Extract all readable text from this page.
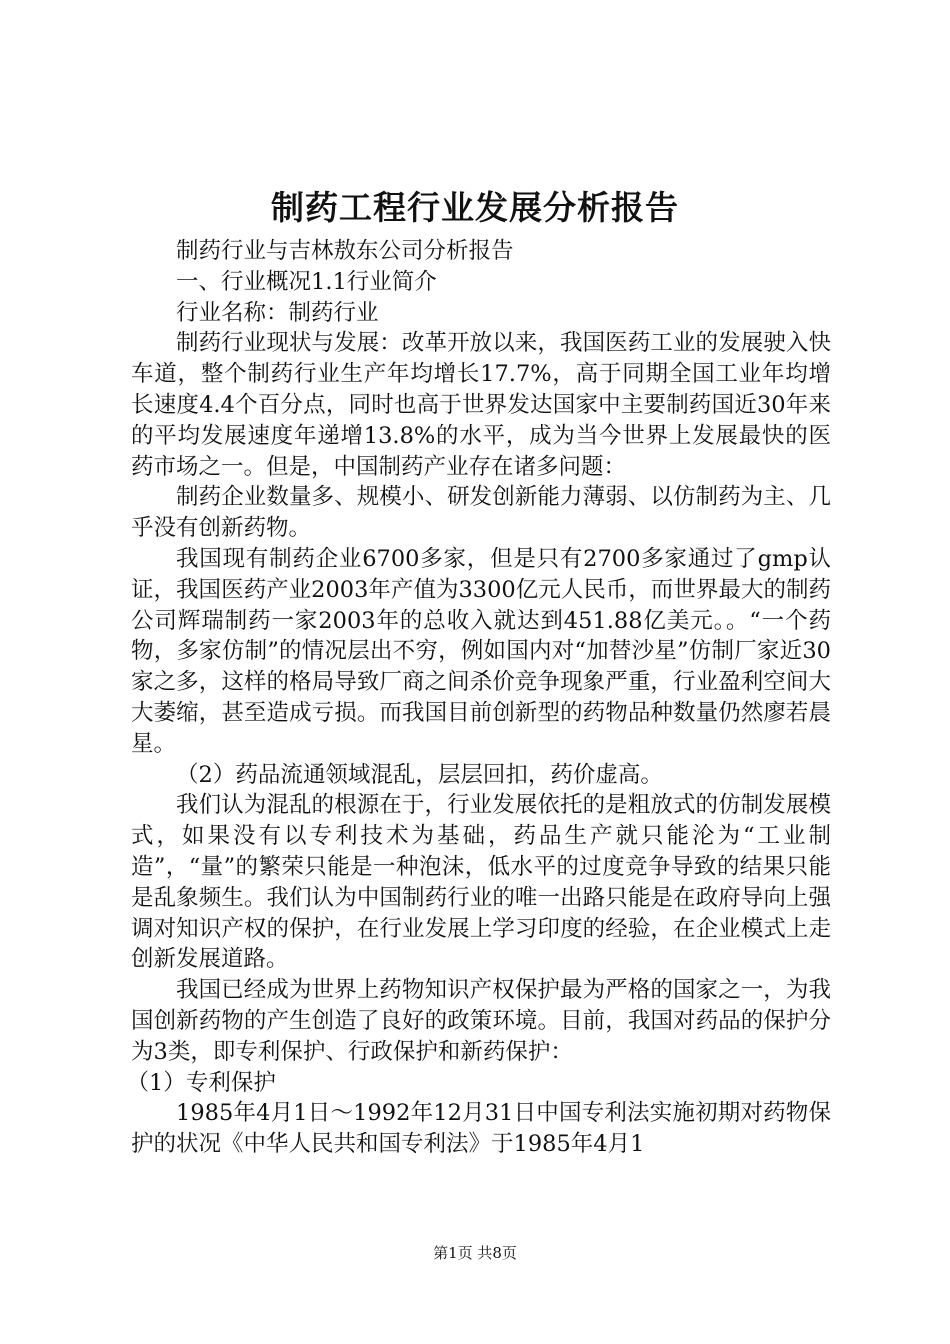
制药工程行业发展分析报告

制药行业与吉林敖东公司分析报告

一、行业概况1.1行业简介

行业名称：制药行业

制药行业现状与发展：改革开放以来，我国医药工业的发展驶入快车道，整个制药行业生产年均增长17.7%，高于同期全国工业年均增长速度4.4个百分点，同时也高于世界发达国家中主要制药国近30年来的平均发展速度年递增13.8%的水平，成为当今世界上发展最快的医药市场之一。但是，中国制药产业存在诸多问题：

制药企业数量多、规模小、研发创新能力薄弱、以仿制药为主、几乎没有创新药物。

我国现有制药企业6700多家，但是只有2700多家通过了gmp认证，我国医药产业2003年产值为3300亿元人民币，而世界最大的制药公司辉瑞制药一家2003年的总收入就达到451.88亿美元。。“一个药物，多家仿制”的情况层出不穷，例如国内对“加替沙星”仿制厂家近30家之多，这样的格局导致厂商之间杀价竞争现象严重，行业盈利空间大大萎缩，甚至造成亏损。而我国目前创新型的药物品种数量仍然廖若晨星。

（2）药品流通领域混乱，层层回扣，药价虚高。

我们认为混乱的根源在于，行业发展依托的是粗放式的仿制发展模式，如果没有以专利技术为基础，药品生产就只能沦为“工业制造”，“量”的繁荣只能是一种泡沫，低水平的过度竞争导致的结果只能是乱象频生。我们认为中国制药行业的唯一出路只能是在政府导向上强调对知识产权的保护，在行业发展上学习印度的经验，在企业模式上走创新发展道路。

我国已经成为世界上药物知识产权保护最为严格的国家之一，为我国创新药物的产生创造了良好的政策环境。目前，我国对药品的保护分为3类，即专利保护、行政保护和新药保护：

（1）专利保护

1985年4月1日～1992年12月31日中国专利法实施初期对药物保护的状况《中华人民共和国专利法》于1985年4月1

第1页 共8页
